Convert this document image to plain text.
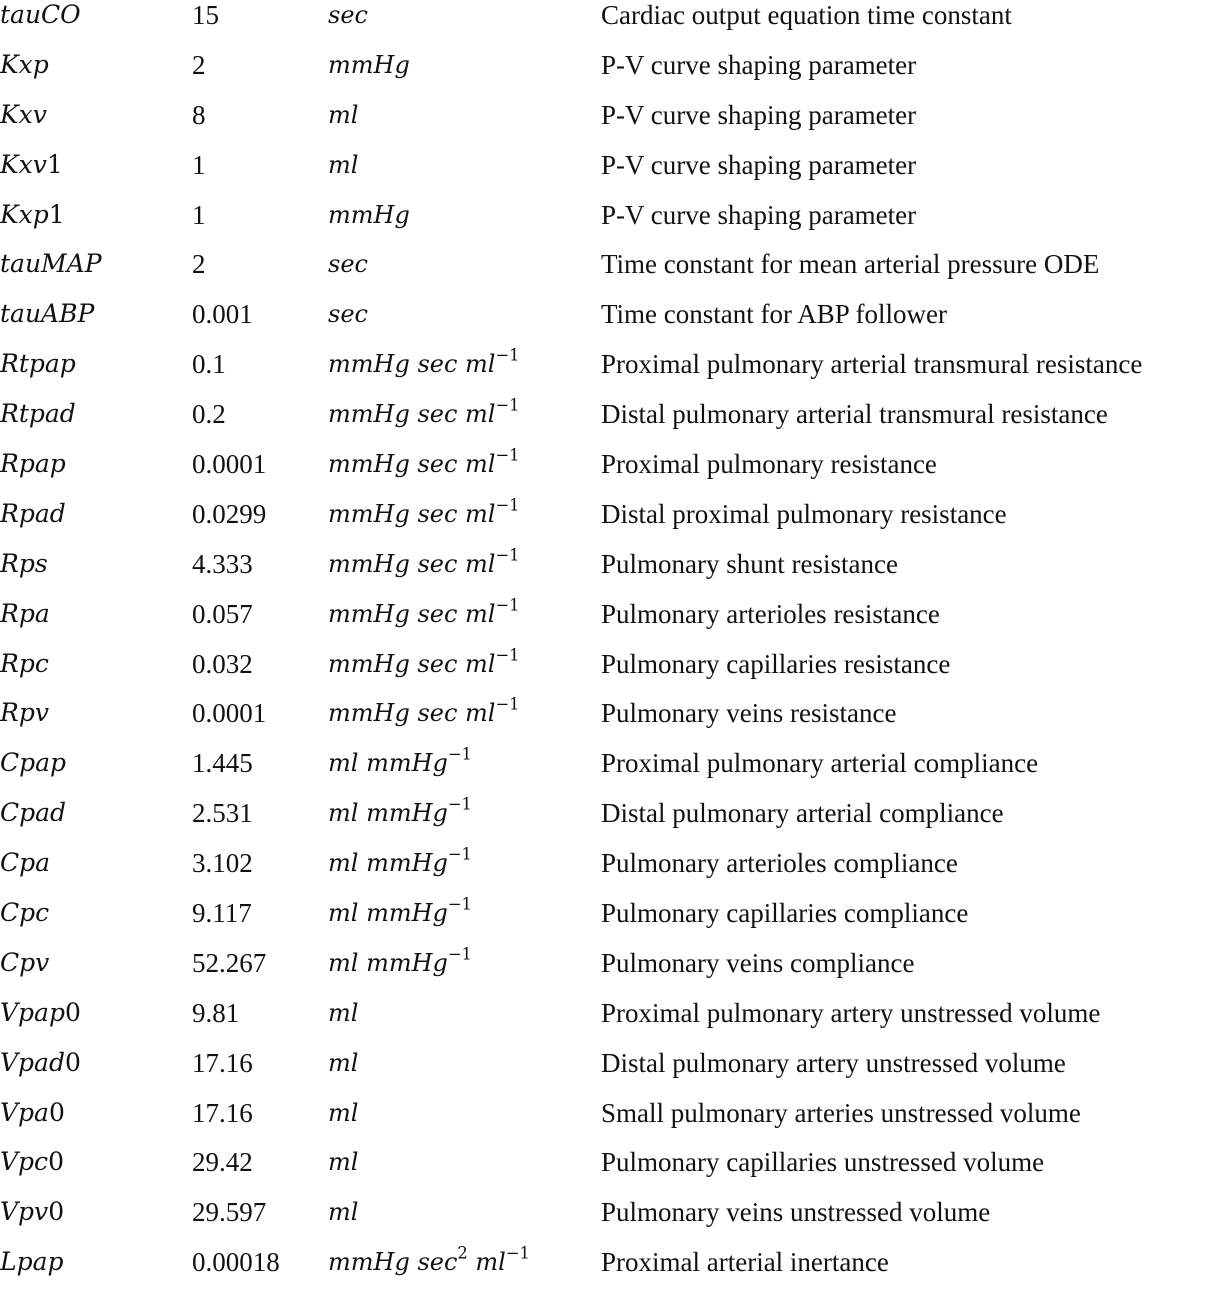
tauCO	15	sec	Cardiac output equation time constant
Kxp	2	mmHg	P-V curve shaping parameter
Kxv	8	ml	P-V curve shaping parameter
Kxv1	1	ml	P-V curve shaping parameter
Kxp1	1	mmHg	P-V curve shaping parameter
tauMAP	2	sec	Time constant for mean arterial pressure ODE
tauABP	0.001	sec	Time constant for ABP follower
Rtpap	0.1	mmHg $\sec ml^{-1}$	Proximal pulmonary arterial transmural resistance
Rtpad	0.2	mmHg $\sec ml^{-1}$	Distal pulmonary arterial transmural resistance
Rpap	0.0001	mmHg $\sec ml^{-1}$	Proximal pulmonary resistance
Rpad	0.0299	mmHg $\sec ml^{-1}$	Distal proximal pulmonary resistance
Rps	4.333	mmHg $\sec ml^{-1}$	Pulmonary shunt resistance
Rpa	0.057	mmHg $\sec ml^{-1}$	Pulmonary arterioles resistance
Rpc	0.032	mmHg $\sec ml^{-1}$	Pulmonary capillaries resistance
Rpv	0.0001	mmHg $\sec ml^{-1}$	Pulmonary veins resistance
Cpap	1.445	ml mmHg$^{-1}$	Proximal pulmonary arterial compliance
Cpad	2.531	ml mmHg$^{-1}$	Distal pulmonary arterial compliance
Cpa	3.102	ml mmHg$^{-1}$	Pulmonary arterioles compliance
Cpc	9.117	ml mmHg$^{-1}$	Pulmonary capillaries compliance
Cpv	52.267	ml mmHg$^{-1}$	Pulmonary veins compliance
Vpap0	9.81	ml	Proximal pulmonary artery unstressed volume
Vpad0	17.16	ml	Distal pulmonary artery unstressed volume
Vpa0	17.16	ml	Small pulmonary arteries unstressed volume
Vpc0	29.42	ml	Pulmonary capillaries unstressed volume
Vpv0	29.597	ml	Pulmonary veins unstressed volume
Lpap	0.00018 mmHg $\sec^2 ml^{-1}$	Proximal arterial inertance
